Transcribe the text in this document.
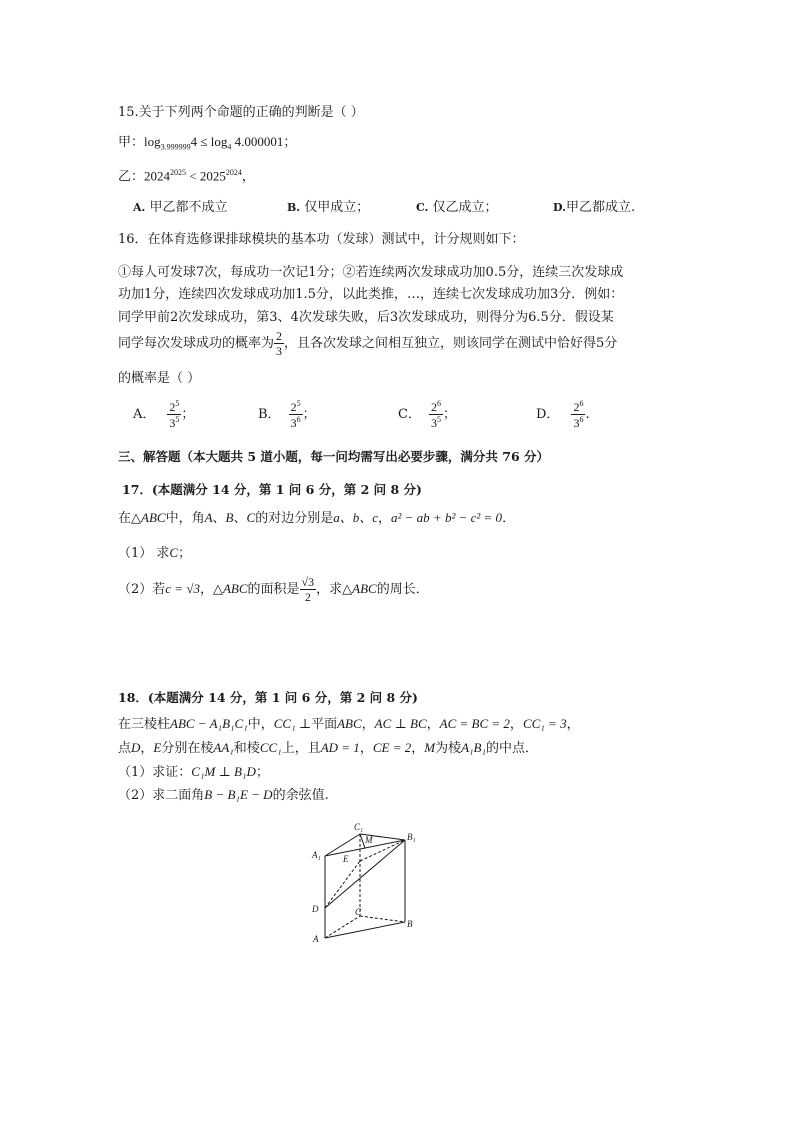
15.关于下列两个命题的正确的判断是（ ）
甲：$\log_{3.999999}4 \le \log_4 4.000001$；
乙：$2024^{2025} < 2025^{2024}$，
A. 甲乙都不成立	B. 仅甲成立；	C. 仅乙成立；	D.甲乙都成立.
16．在体育选修课排球模块的基本功（发球）测试中，计分规则如下：
①每人可发球7次，每成功一次记1分；②若连续两次发球成功加0.5分，连续三次发球成
功加1分，连续四次发球成功加1.5分，以此类推，…，连续七次发球成功加3分．例如：
同学甲前2次发球成功，第3、4次发球失败，后3次发球成功，则得分为6.5分．假设某
同学每次发球成功的概率为 $\frac{2}{3}$ ，且各次发球之间相互独立，则该同学在测试中恰好得5分
的概率是（ ）
A． $\frac{2^5}{3^5}$ ；	B． $\frac{2^5}{3^6}$ ；	C． $\frac{2^6}{3^5}$ ；	D． $\frac{2^6}{3^6}$ .
三、解答题（本大题共 5 道小题，每一问均需写出必要步骤，满分共 76 分）
17．(本题满分 14 分，第 1 问 6 分，第 2 问 8 分)
在△ABC中，角A、B、C的对边分别是a、b、c，a² − ab + b² − c² = 0．
（1） 求C；
（2）若c = √3，△ABC的面积是 $\frac{√3}{2}$ ，求△ABC的周长．
18．(本题满分 14 分，第 1 问 6 分，第 2 问 8 分)
在三棱柱ABC − A₁B₁C₁中，CC₁ ⊥平面ABC，AC ⊥ BC，AC = BC = 2，CC₁ = 3，
点D，E分别在棱AA₁和棱CC₁上，且AD = 1，CE = 2，M为棱A₁B₁的中点．
（1）求证：C₁M ⊥ B₁D；
（2）求二面角B − B₁E − D的余弦值.
C₁
M	B₁
A₁ E
D	C
B
A
